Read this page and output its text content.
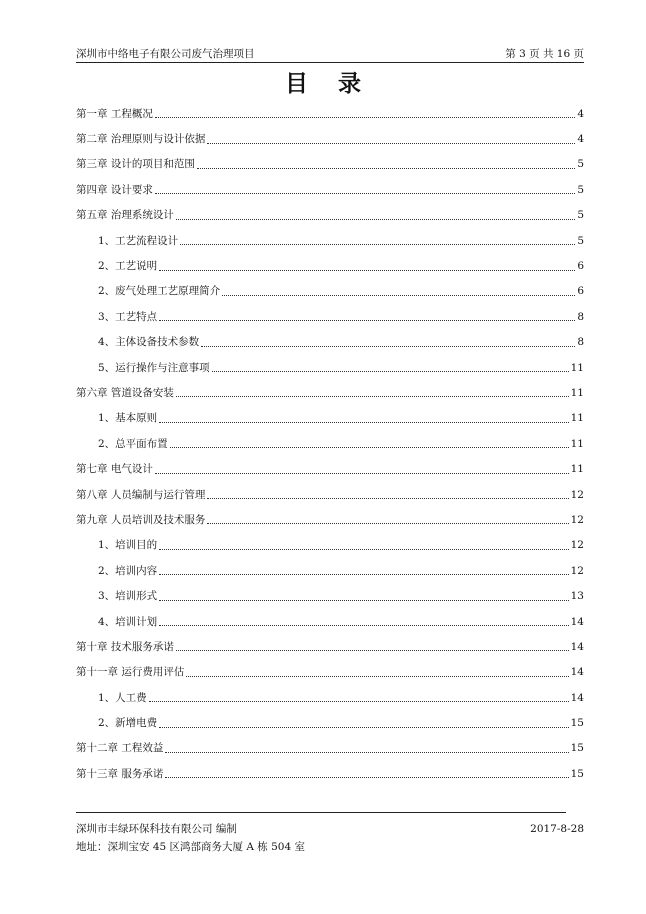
深圳市中络电子有限公司废气治理项目	第 3 页 共 16 页
目录
第一章 工程概况	4
第二章 治理原则与设计依据	4
第三章 设计的项目和范围	5
第四章 设计要求	5
第五章 治理系统设计	5
1、工艺流程设计	5
2、工艺说明	6
2、废气处理工艺原理简介	6
3、工艺特点	8
4、主体设备技术参数	8
5、运行操作与注意事项	11
第六章 管道设备安装	11
1、基本原则	11
2、总平面布置	11
第七章 电气设计	11
第八章 人员编制与运行管理	12
第九章 人员培训及技术服务	12
1、培训目的	12
2、培训内容	12
3、培训形式	13
4、培训计划	14
第十章 技术服务承诺	14
第十一章 运行费用评估	14
1、人工费	14
2、新增电费	15
第十二章 工程效益	15
第十三章 服务承诺	15
深圳市丰绿环保科技有限公司 编制	2017-8-28
地址：深圳宝安 45 区鸿部商务大厦 A 栋 504 室
